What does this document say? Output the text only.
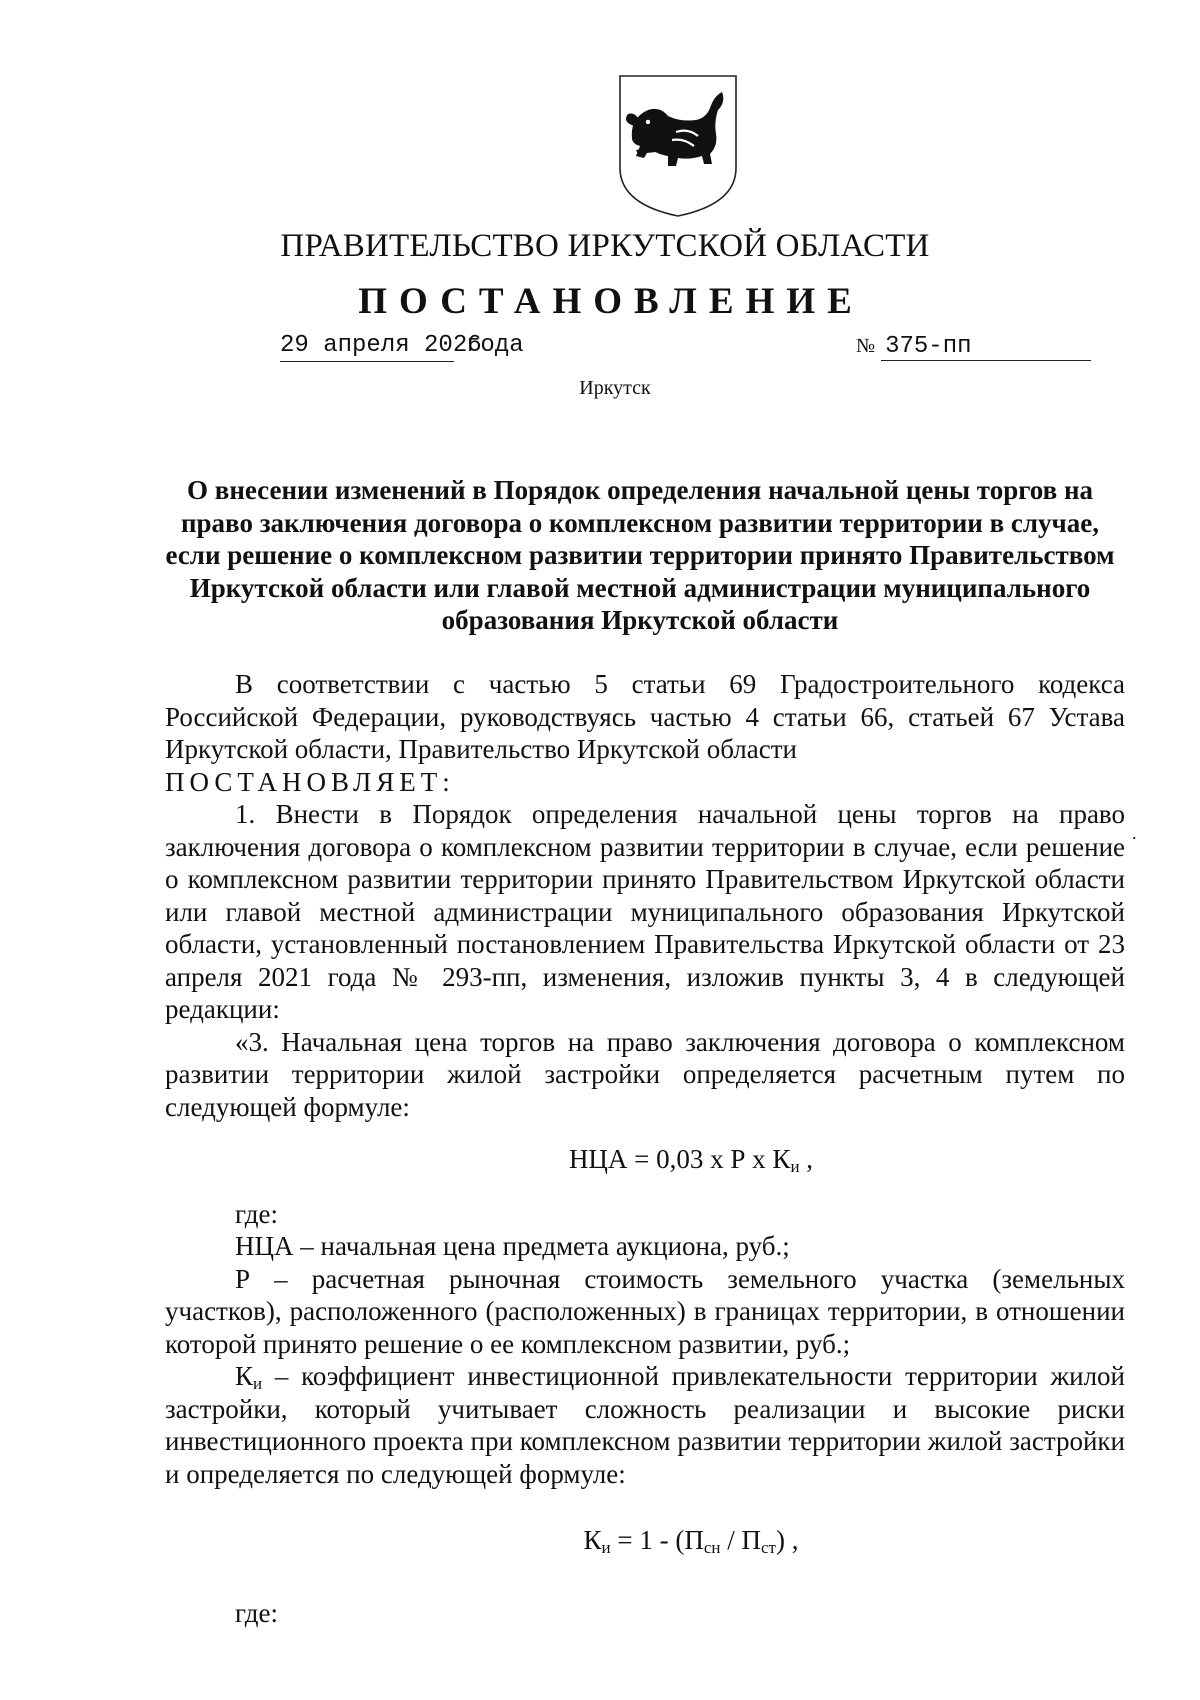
ПРАВИТЕЛЬСТВО ИРКУТСКОЙ ОБЛАСТИ
ПОСТАНОВЛЕНИЕ
29 апреля 2026
года	№ 375-пп
Иркутск
О внесении изменений в Порядок определения начальной цены торгов на право заключения договора о комплексном развитии территории в случае, если решение о комплексном развитии территории принято Правительством Иркутской области или главой местной администрации муниципального образования Иркутской области
.

В соответствии с частью 5 статьи 69 Градостроительного кодекса Российской Федерации, руководствуясь частью 4 статьи 66, статьей 67 Устава Иркутской области, Правительство Иркутской области

ПОСТАНОВЛЯЕТ:

1. Внести в Порядок определения начальной цены торгов на право заключения договора о комплексном развитии территории в случае, если решение о комплексном развитии территории принято Правительством Иркутской области или главой местной администрации муниципального образования Иркутской области, установленный постановлением Правительства Иркутской области от 23 апреля 2021 года № 293-пп, изменения, изложив пункты 3, 4 в следующей редакции:

«3. Начальная цена торгов на право заключения договора о комплексном развитии территории жилой застройки определяется расчетным путем по следующей формуле:

НЦА = 0,03 х Р х $К_и$ ,

где:

НЦА – начальная цена предмета аукциона, руб.;

Р – расчетная рыночная стоимость земельного участка (земельных участков), расположенного (расположенных) в границах территории, в отношении которой принято решение о ее комплексном развитии, руб.;

$К_и$ – коэффициент инвестиционной привлекательности территории жилой застройки, который учитывает сложность реализации и высокие риски инвестиционного проекта при комплексном развитии территории жилой застройки и определяется по следующей формуле:

$К_и = 1 - (П_{сн} / П_{ст})$ ,

где:
